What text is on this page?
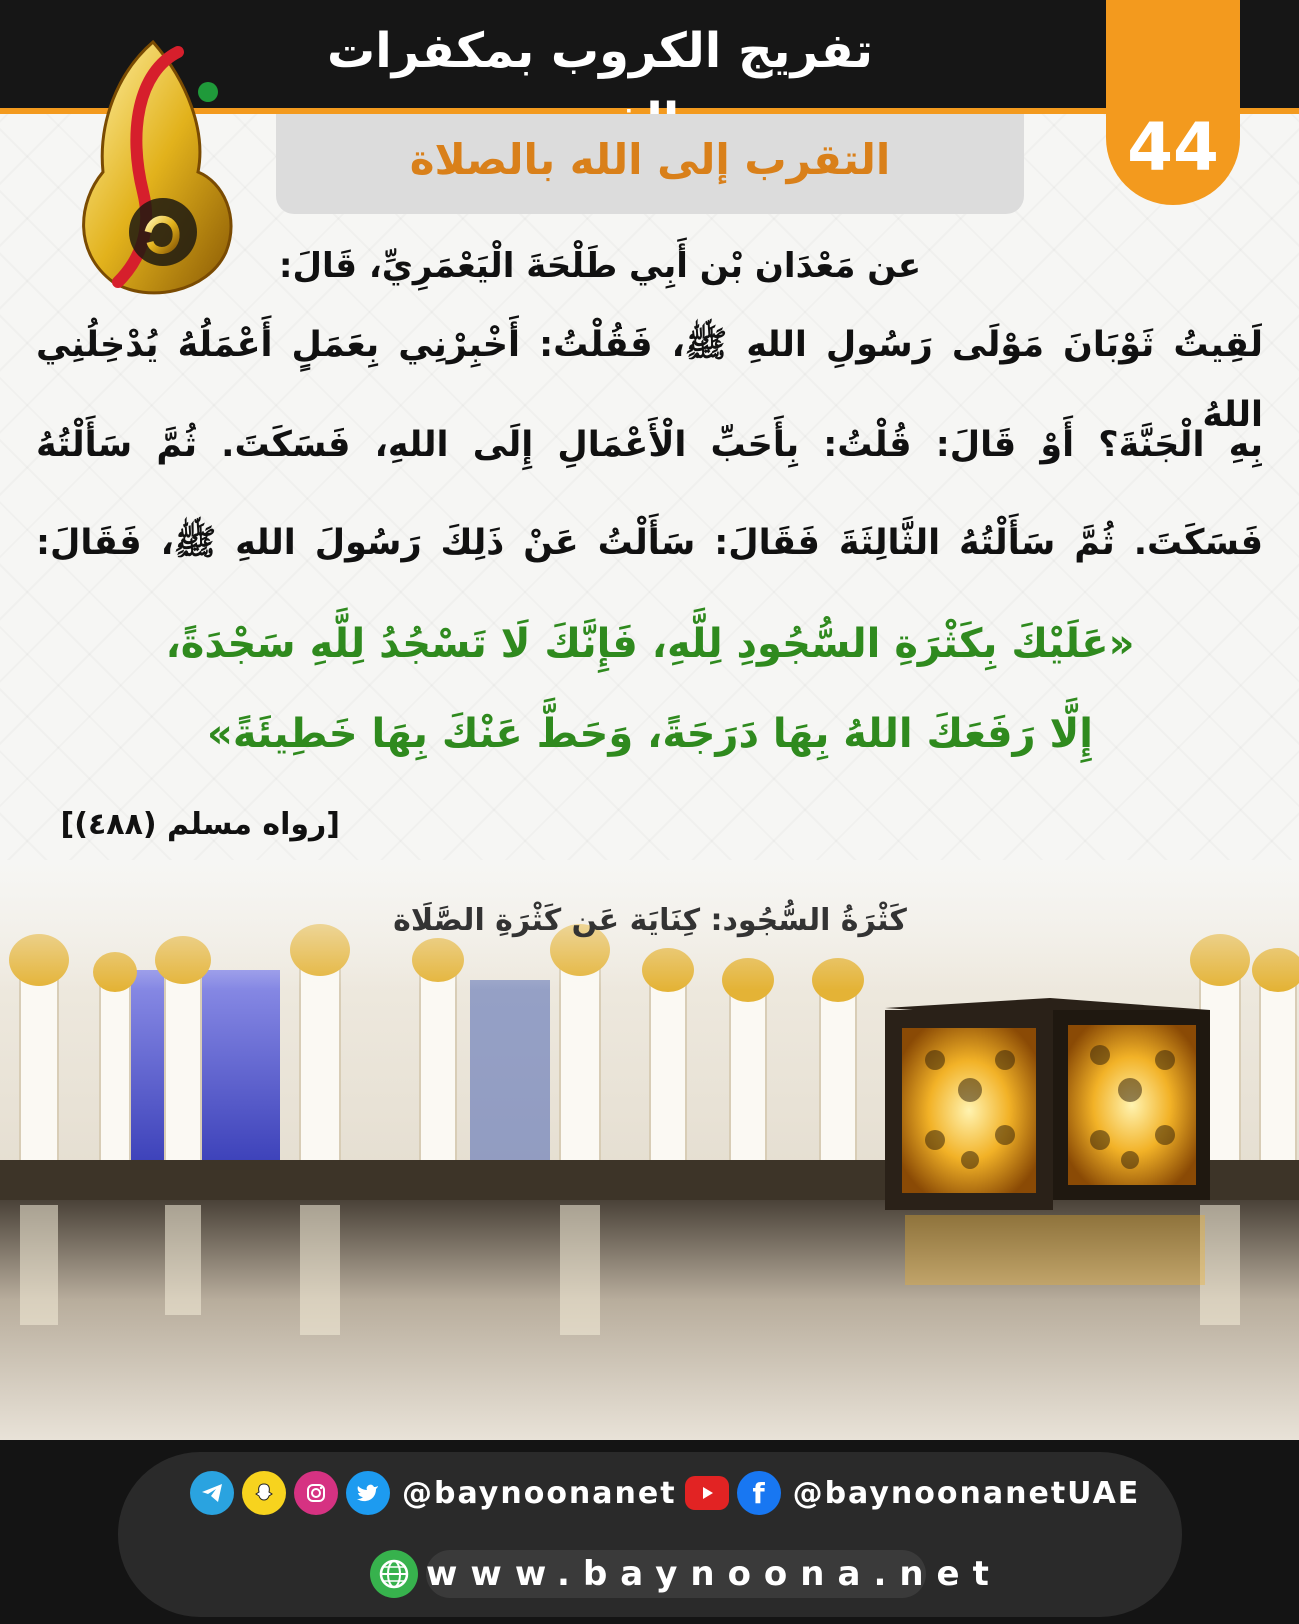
تفريج الكروب بمكفرات
التقرب إلى الله بالصلاة	44
عن مَعْدَان بْن أَبِي طَلْحَةَ الْيَعْمَرِيِّ، قَالَ:
لَقِيتُ ثَوْبَانَ مَوْلَى رَسُولِ اللهِ ﷺ، فَقُلْتُ: أَخْبِرْنِي بِعَمَلٍ أَعْمَلُهُ يُدْخِلُنِي اللهُ
بِهِ الْجَنَّةَ؟ أَوْ قَالَ: قُلْتُ: بِأَحَبِّ الْأَعْمَالِ إِلَى اللهِ، فَسَكَتَ. ثُمَّ سَأَلْتُهُ
فَسَكَتَ. ثُمَّ سَأَلْتُهُ الثَّالِثَةَ فَقَالَ: سَأَلْتُ عَنْ ذَلِكَ رَسُولَ اللهِ ﷺ، فَقَالَ:
«عَلَيْكَ بِكَثْرَةِ السُّجُودِ لِلَّهِ، فَإِنَّكَ لَا تَسْجُدُ لِلَّهِ سَجْدَةً،
إِلَّا رَفَعَكَ اللهُ بِهَا دَرَجَةً، وَحَطَّ عَنْكَ بِهَا خَطِيئَةً»
[رواه مسلم (٤٨٨)]
كَثْرَةُ السُّجُود: كِنَايَة عَن كَثْرَةِ الصَّلَاة
@baynoonanet	f @baynoonanetUAE
www.baynoona.net
